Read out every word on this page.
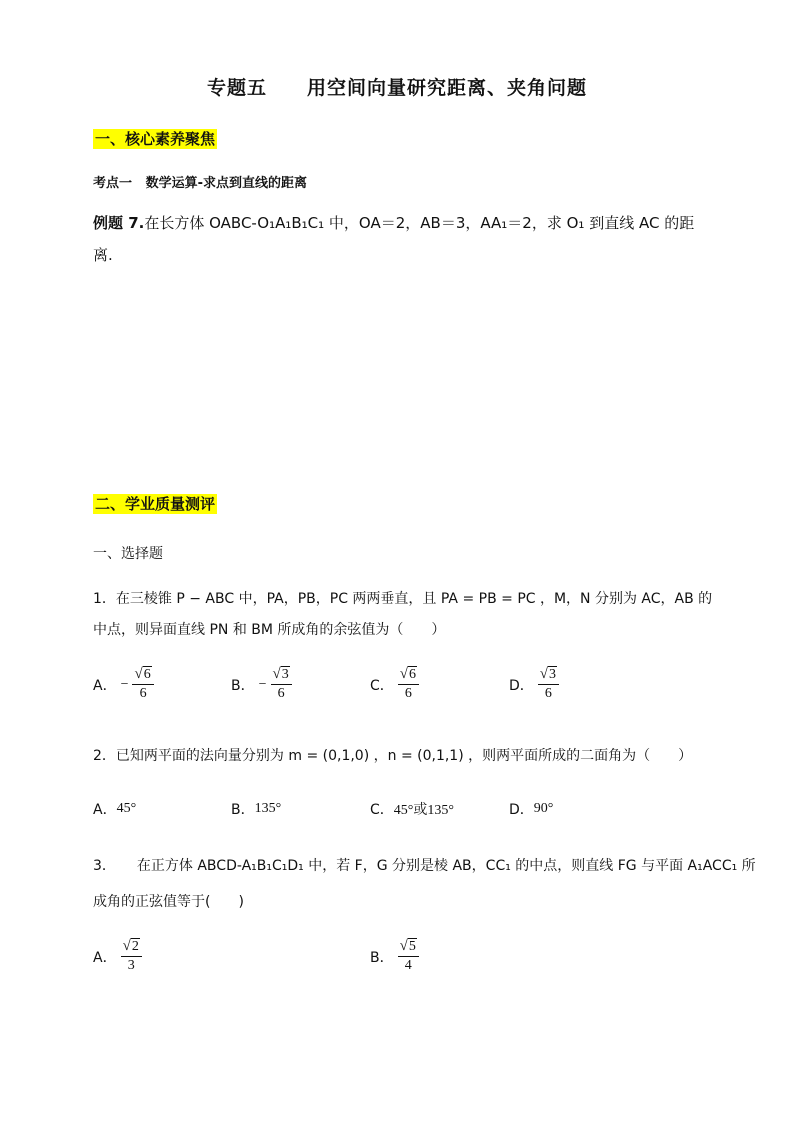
专题五 用空间向量研究距离、夹角问题
一、核心素养聚焦
考点一 数学运算-求点到直线的距离
例题 7.在长方体 OABC-O₁A₁B₁C₁ 中，OA＝2，AB＝3，AA₁＝2，求 O₁ 到直线 AC 的距
离.
二、学业质量测评
一、选择题
1．在三棱锥 P − ABC 中，PA，PB，PC 两两垂直，且 PA = PB = PC ，M，N 分别为 AC，AB 的
中点，则异面直线 PN 和 BM 所成角的余弦值为（　　）
A． − $\frac{√ 6}{6}$	B． − $\frac{√ 3}{6}$	C． $\frac{√ 6}{6}$	D． $\frac{√ 3}{6}$
2．已知两平面的法向量分别为 m = (0,1,0) ，n = (0,1,1) ，则两平面所成的二面角为（　　）
A． 45°	B． 135°	C． 45°或135°	D． 90°
3．　　在正方体 ABCD-A₁B₁C₁D₁ 中，若 F，G 分别是棱 AB，CC₁ 的中点，则直线 FG 与平面 A₁ACC₁ 所
成角的正弦值等于(　　)
A． $\frac{√ 2}{3}$	B． $\frac{√ 5}{4}$
